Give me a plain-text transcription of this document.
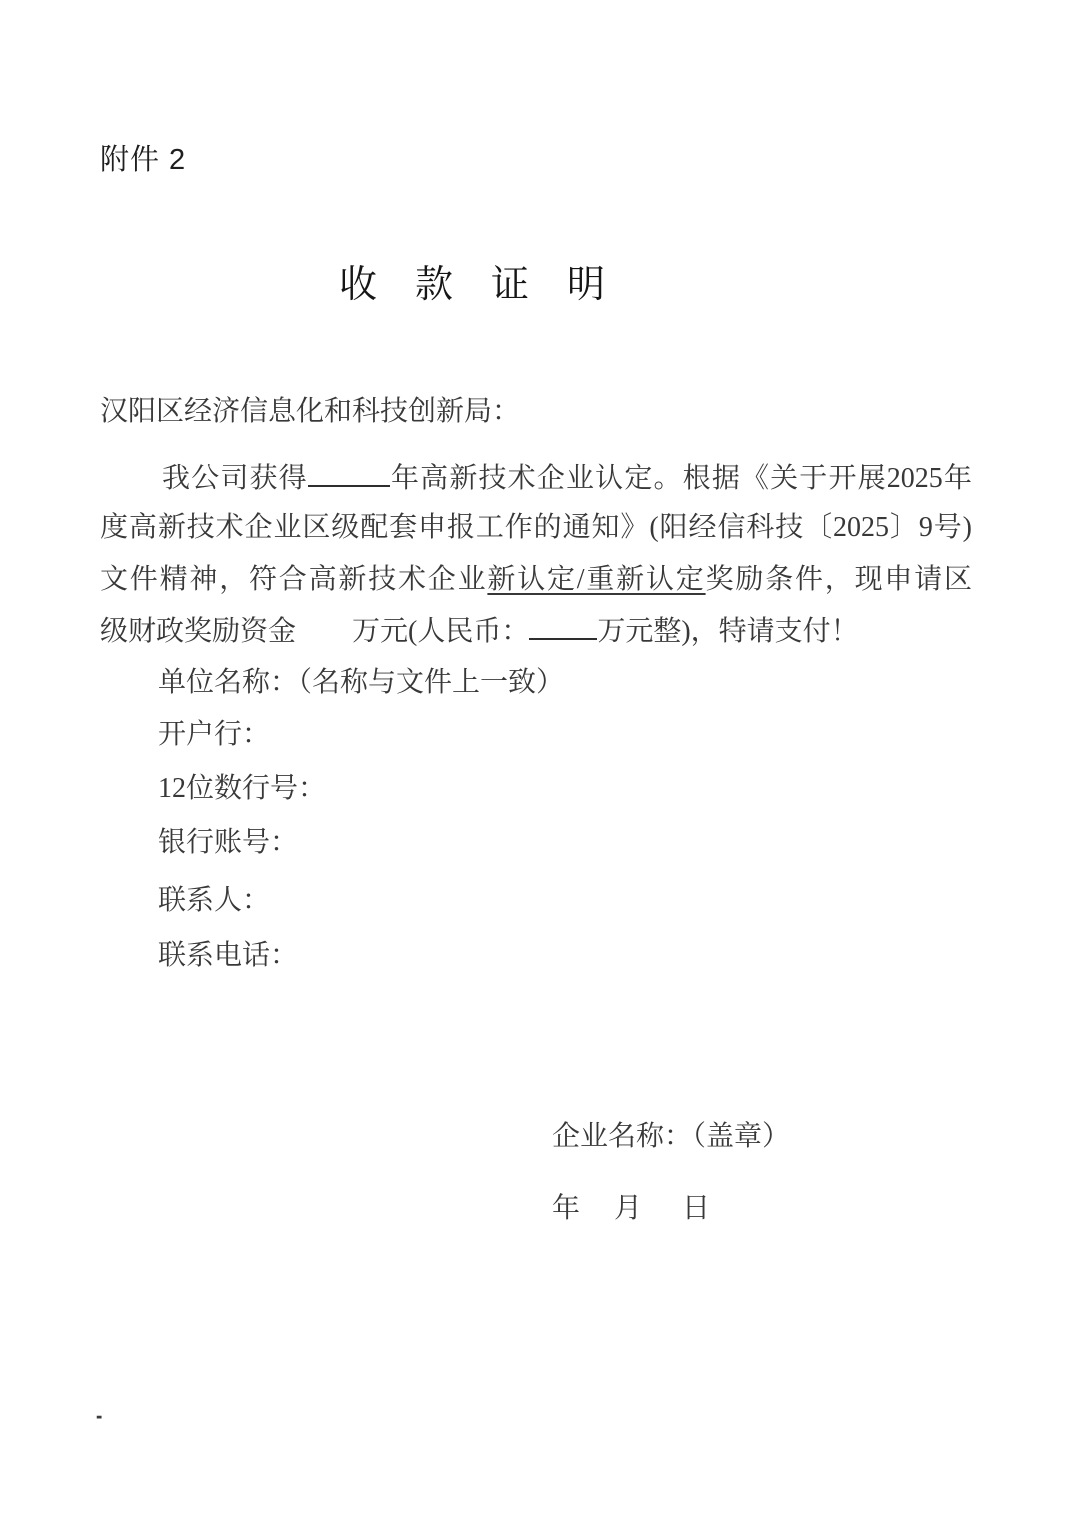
附件 2
收款证明
汉阳区经济信息化和科技创新局：
我公司获得	年高新技术企业认定。根据《关于开展2025年
度高新技术企业区级配套申报工作的通知》(阳经信科技〔2025〕9号)
文件精神，符合高新技术企业新认定/重新认定奖励条件，现申请区
级财政奖励资金　　万元(人民币： 万元整)，特请支付！
单位名称：（名称与文件上一致）
开户行：
12位数行号：
银行账号：
联系人：
联系电话：
企业名称：（盖章）
年 月 日
-
